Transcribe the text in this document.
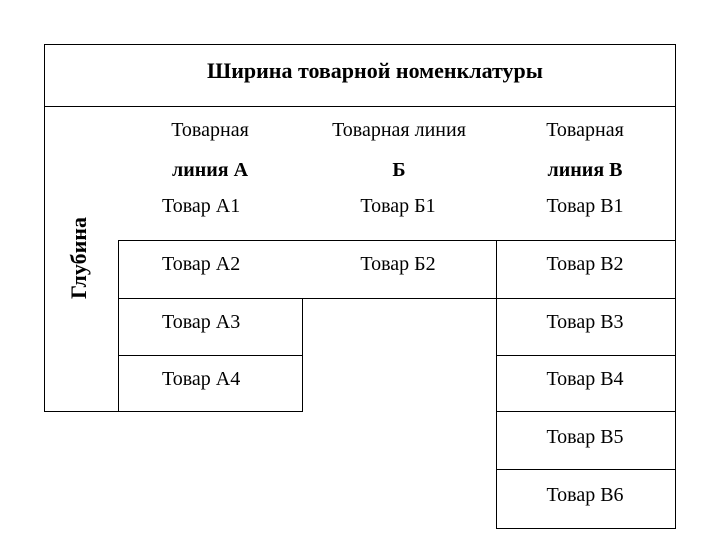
Ширина товарной номенклатуры
Глубина
Товарная
линия А
Товар А1
Товар А2
Товар А3
Товар А4
Товарная линия
Б
Товар Б1
Товар Б2
Товарная
линия В
Товар В1
Товар В2
Товар В3
Товар В4
Товар В5
Товар В6
